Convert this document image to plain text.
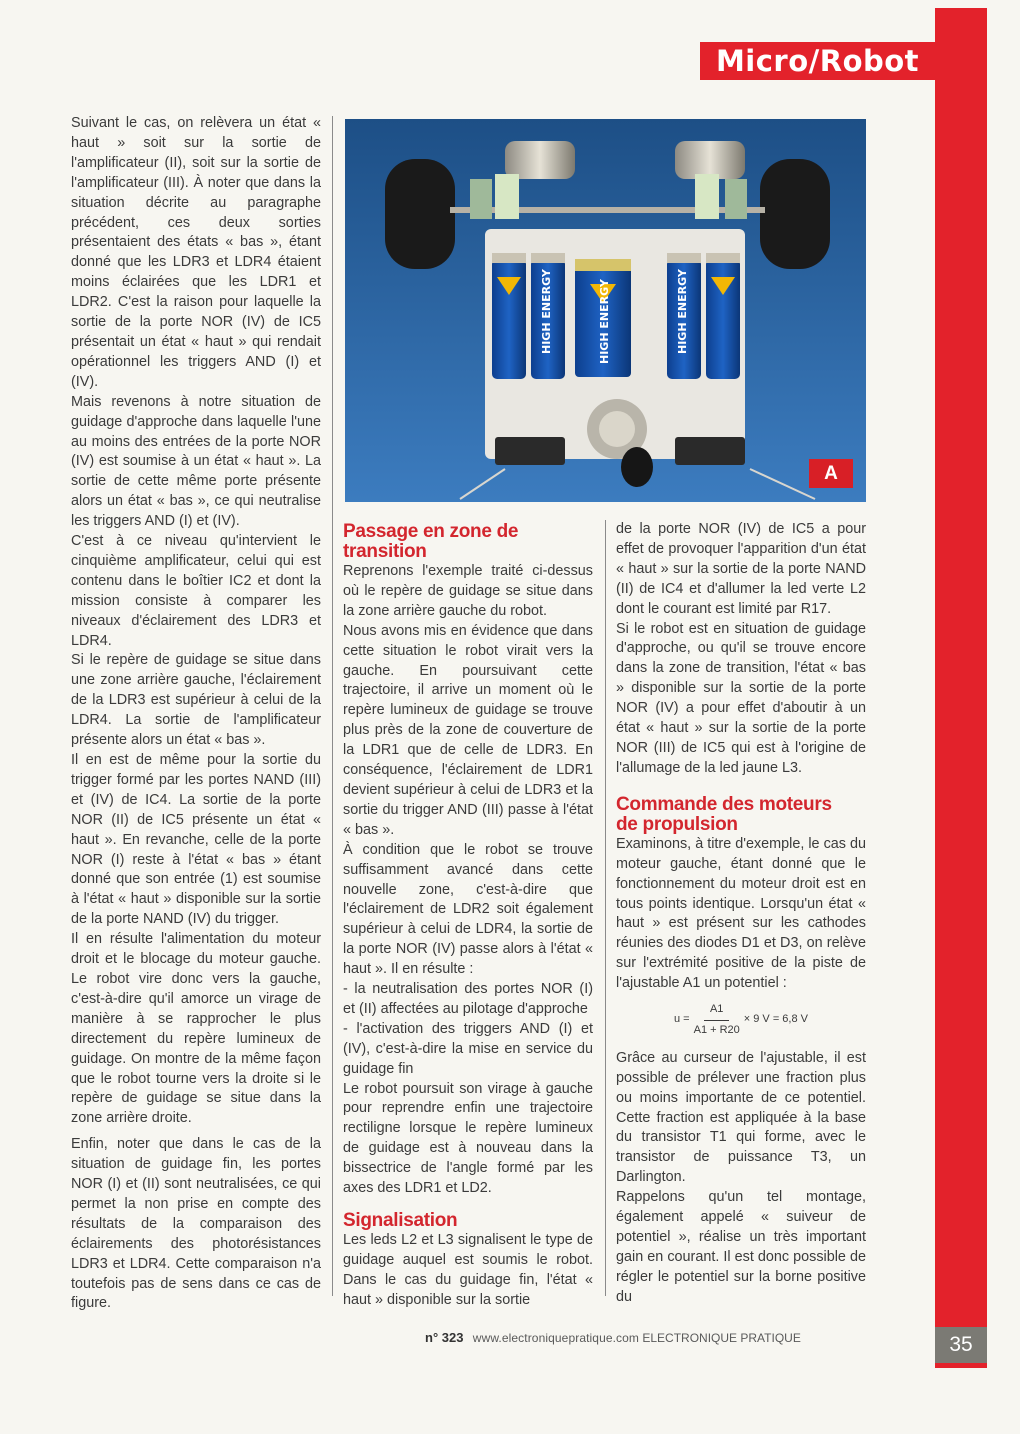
Micro/Robot
HIGH ENERGY	HIGH ENERGY	HIGH ENERGY
A

Suivant le cas, on relèvera un état « haut » soit sur la sortie de l'amplificateur (II), soit sur la sortie de l'amplificateur (III). À noter que dans la situation décrite au paragraphe précédent, ces deux sorties présentaient des états « bas », étant donné que les LDR3 et LDR4 étaient moins éclairées que les LDR1 et LDR2. C'est la raison pour laquelle la sortie de la porte NOR (IV) de IC5 présentait un état « haut » qui rendait opérationnel les triggers AND (I) et (IV).

Mais revenons à notre situation de guidage d'approche dans laquelle l'une au moins des entrées de la porte NOR (IV) est soumise à un état « haut ». La sortie de cette même porte présente alors un état « bas », ce qui neutralise les triggers AND (I) et (IV).

C'est à ce niveau qu'intervient le cinquième amplificateur, celui qui est contenu dans le boîtier IC2 et dont la mission consiste à comparer les niveaux d'éclairement des LDR3 et LDR4.

Si le repère de guidage se situe dans une zone arrière gauche, l'éclairement de la LDR3 est supérieur à celui de la LDR4. La sortie de l'amplificateur présente alors un état « bas ».

Il en est de même pour la sortie du trigger formé par les portes NAND (III) et (IV) de IC4. La sortie de la porte NOR (II) de IC5 présente un état « haut ». En revanche, celle de la porte NOR (I) reste à l'état « bas » étant donné que son entrée (1) est soumise à l'état « haut » disponible sur la sortie de la porte NAND (IV) du trigger.

Il en résulte l'alimentation du moteur droit et le blocage du moteur gauche. Le robot vire donc vers la gauche, c'est-à-dire qu'il amorce un virage de manière à se rapprocher le plus directement du repère lumineux de guidage. On montre de la même façon que le robot tourne vers la droite si le repère de guidage se situe dans la zone arrière droite.

Enfin, noter que dans le cas de la situation de guidage fin, les portes NOR (I) et (II) sont neutralisées, ce qui permet la non prise en compte des résultats de la comparaison des éclairements des photorésistances LDR3 et LDR4. Cette comparaison n'a toutefois pas de sens dans ce cas de figure.

Passage en zone de transition

Reprenons l'exemple traité ci-dessus où le repère de guidage se situe dans la zone arrière gauche du robot.

Nous avons mis en évidence que dans cette situation le robot virait vers la gauche. En poursuivant cette trajectoire, il arrive un moment où le repère lumineux de guidage se trouve plus près de la zone de couverture de la LDR1 que de celle de LDR3. En conséquence, l'éclairement de LDR1 devient supérieur à celui de LDR3 et la sortie du trigger AND (III) passe à l'état « bas ».

À condition que le robot se trouve suffisamment avancé dans cette nouvelle zone, c'est-à-dire que l'éclairement de LDR2 soit également supérieur à celui de LDR4, la sortie de la porte NOR (IV) passe alors à l'état « haut ». Il en résulte :

- la neutralisation des portes NOR (I) et (II) affectées au pilotage d'approche

- l'activation des triggers AND (I) et (IV), c'est-à-dire la mise en service du guidage fin

Le robot poursuit son virage à gauche pour reprendre enfin une trajectoire rectiligne lorsque le repère lumineux de guidage est à nouveau dans la bissectrice de l'angle formé par les axes des LDR1 et LD2.

Signalisation

Les leds L2 et L3 signalisent le type de guidage auquel est soumis le robot. Dans le cas du guidage fin, l'état « haut » disponible sur la sortie

de la porte NOR (IV) de IC5 a pour effet de provoquer l'apparition d'un état « haut » sur la sortie de la porte NAND (II) de IC4 et d'allumer la led verte L2 dont le courant est limité par R17.

Si le robot est en situation de guidage d'approche, ou qu'il se trouve encore dans la zone de transition, l'état « bas » disponible sur la sortie de la porte NOR (IV) a pour effet d'aboutir à un état « haut » sur la sortie de la porte NOR (III) de IC5 qui est à l'origine de l'allumage de la led jaune L3.

Commande des moteurs de propulsion

Examinons, à titre d'exemple, le cas du moteur gauche, étant donné que le fonctionnement du moteur droit est en tous points identique. Lorsqu'un état « haut » est présent sur les cathodes réunies des diodes D1 et D3, on relève sur l'extrémité positive de la piste de l'ajustable A1 un potentiel :

$u = \frac{A1}{A1 + R20} \times 9$ V = 6,8 V

Grâce au curseur de l'ajustable, il est possible de prélever une fraction plus ou moins importante de ce potentiel. Cette fraction est appliquée à la base du transistor T1 qui forme, avec le transistor de puissance T3, un Darlington.

Rappelons qu'un tel montage, également appelé « suiveur de potentiel », réalise un très important gain en courant. Il est donc possible de régler le potentiel sur la borne positive du

n° 323 www.electroniquepratique.com ELECTRONIQUE PRATIQUE	35
